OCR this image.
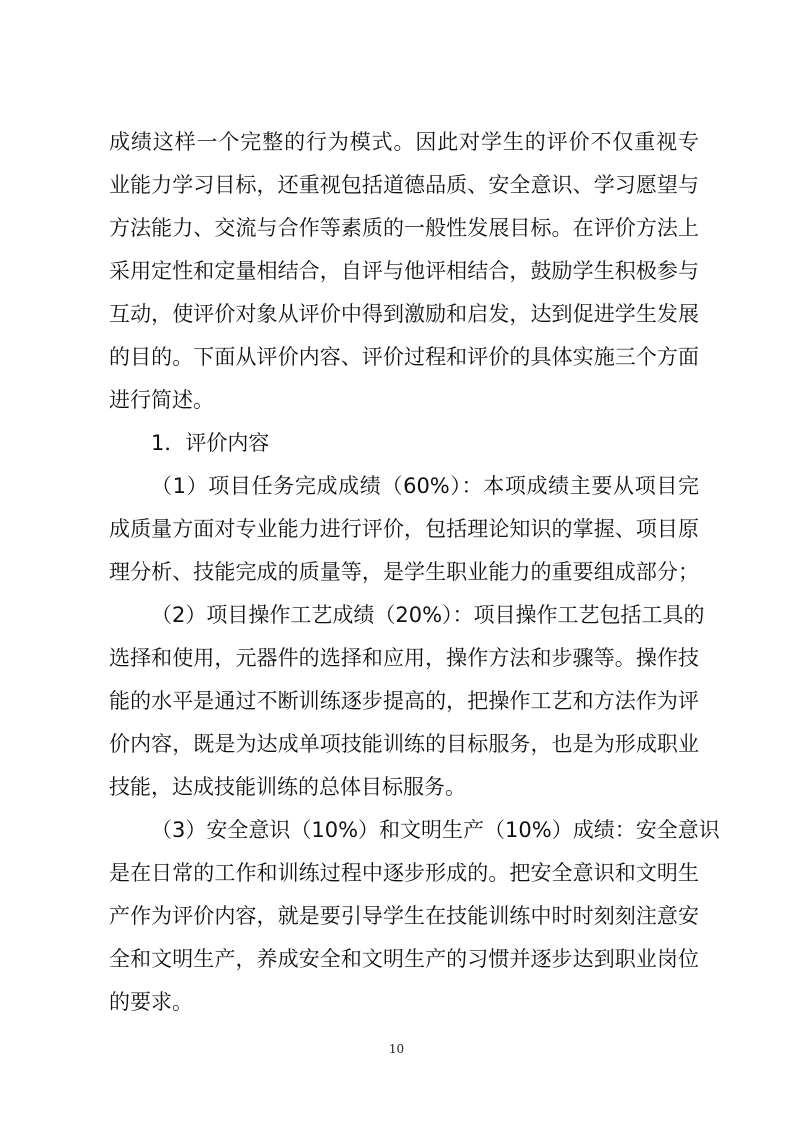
成绩这样一个完整的行为模式。因此对学生的评价不仅重视专
业能力学习目标，还重视包括道德品质、安全意识、学习愿望与
方法能力、交流与合作等素质的一般性发展目标。在评价方法上
采用定性和定量相结合，自评与他评相结合，鼓励学生积极参与
互动，使评价对象从评价中得到激励和启发，达到促进学生发展
的目的。下面从评价内容、评价过程和评价的具体实施三个方面
进行简述。
1．评价内容
（1）项目任务完成成绩（60%）：本项成绩主要从项目完
成质量方面对专业能力进行评价，包括理论知识的掌握、项目原
理分析、技能完成的质量等，是学生职业能力的重要组成部分；
（2）项目操作工艺成绩（20%）：项目操作工艺包括工具的
选择和使用，元器件的选择和应用，操作方法和步骤等。操作技
能的水平是通过不断训练逐步提高的，把操作工艺和方法作为评
价内容，既是为达成单项技能训练的目标服务，也是为形成职业
技能，达成技能训练的总体目标服务。
（3）安全意识（10%）和文明生产（10%）成绩：安全意识
是在日常的工作和训练过程中逐步形成的。把安全意识和文明生
产作为评价内容，就是要引导学生在技能训练中时时刻刻注意安
全和文明生产，养成安全和文明生产的习惯并逐步达到职业岗位
的要求。
10
